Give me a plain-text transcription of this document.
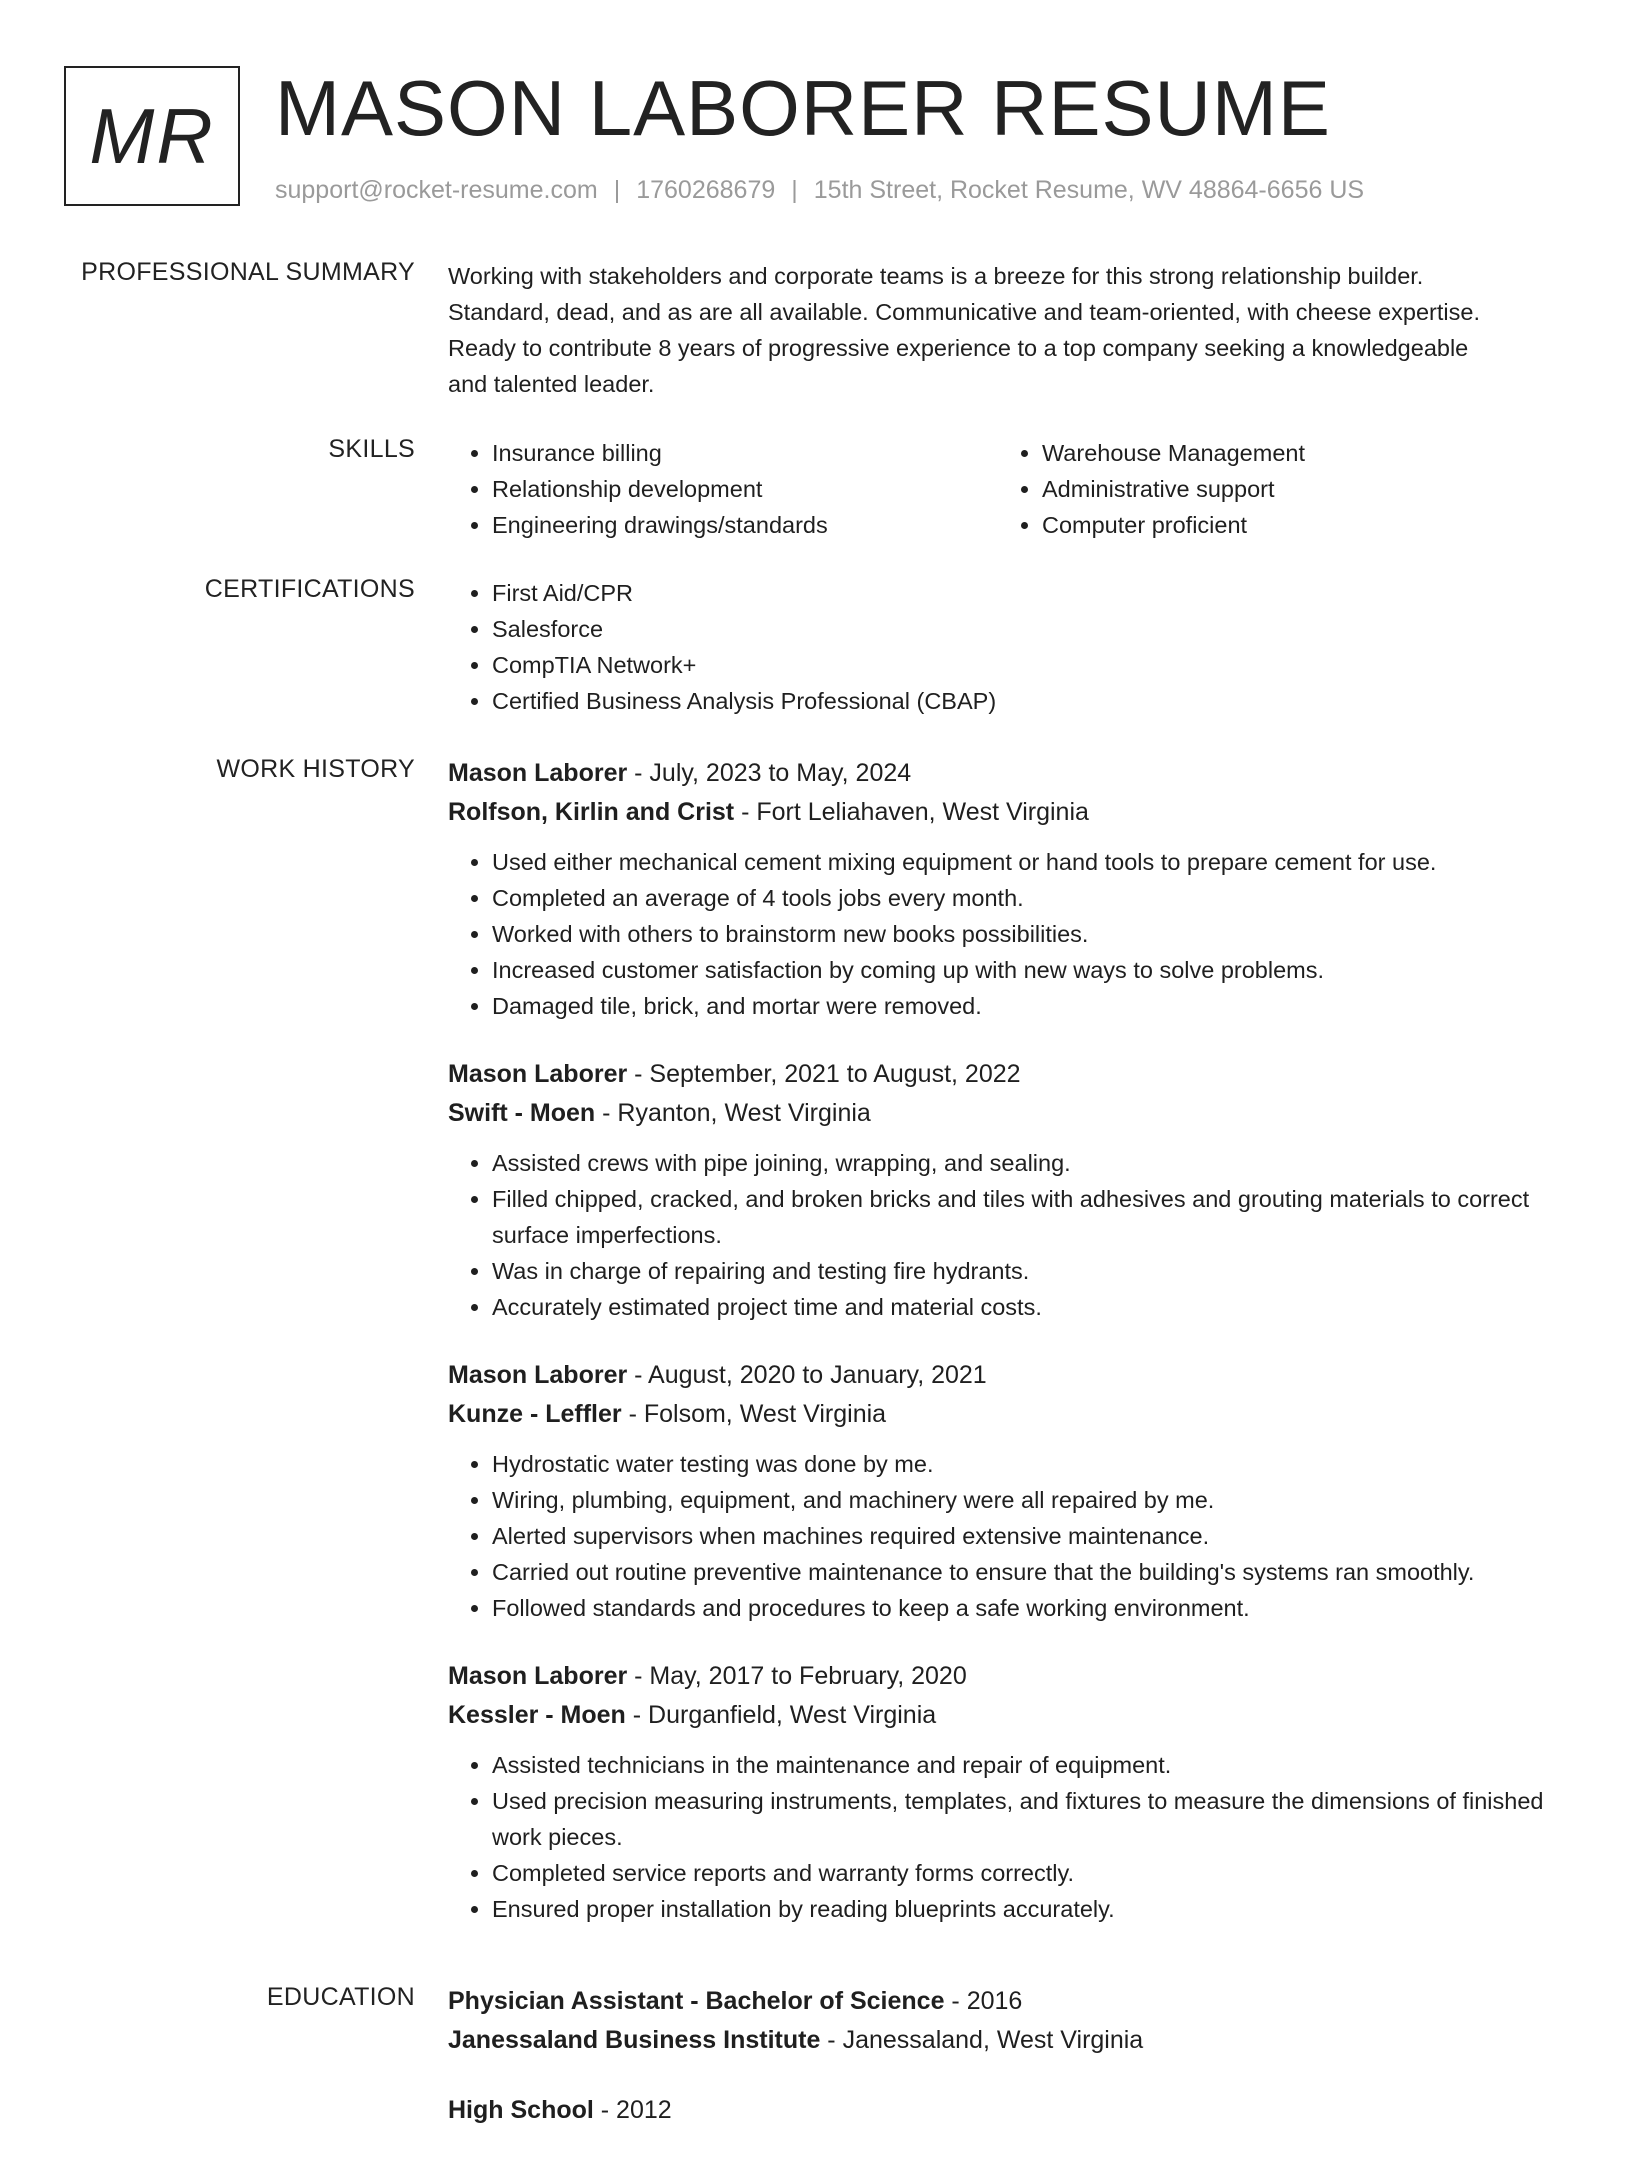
MR MASON LABORER RESUME
support@rocket-resume.com | 1760268679 | 15th Street, Rocket Resume, WV 48864-6656 US
PROFESSIONAL SUMMARY Working with stakeholders and corporate teams is a breeze for this strong relationship builder.

Standard, dead, and as are all available. Communicative and team-oriented, with cheese expertise.

Ready to contribute 8 years of progressive experience to a top company seeking a knowledgeable

and talented leader.

SKILLS	• Insurance billing
• Relationship development
• Engineering drawings/standards
• Warehouse Management
• Administrative support
• Computer proficient
CERTIFICATIONS	• First Aid/CPR
• Salesforce
• CompTIA Network+
• Certified Business Analysis Professional (CBAP)
WORK HISTORY Mason Laborer - July, 2023 to May, 2024
Rolfson, Kirlin and Crist - Fort Leliahaven, West Virginia
• Used either mechanical cement mixing equipment or hand tools to prepare cement for use.
• Completed an average of 4 tools jobs every month.
• Worked with others to brainstorm new books possibilities.
• Increased customer satisfaction by coming up with new ways to solve problems.
• Damaged tile, brick, and mortar were removed.
Mason Laborer - September, 2021 to August, 2022
Swift - Moen - Ryanton, West Virginia
• Assisted crews with pipe joining, wrapping, and sealing.
• Filled chipped, cracked, and broken bricks and tiles with adhesives and grouting materials to correct surface imperfections.
• Was in charge of repairing and testing fire hydrants.
• Accurately estimated project time and material costs.
Mason Laborer - August, 2020 to January, 2021
Kunze - Leffler - Folsom, West Virginia
• Hydrostatic water testing was done by me.
• Wiring, plumbing, equipment, and machinery were all repaired by me.
• Alerted supervisors when machines required extensive maintenance.
• Carried out routine preventive maintenance to ensure that the building's systems ran smoothly.
• Followed standards and procedures to keep a safe working environment.
Mason Laborer - May, 2017 to February, 2020
Kessler - Moen - Durganfield, West Virginia
• Assisted technicians in the maintenance and repair of equipment.
• Used precision measuring instruments, templates, and fixtures to measure the dimensions of finished work pieces.
• Completed service reports and warranty forms correctly.
• Ensured proper installation by reading blueprints accurately.
EDUCATION Physician Assistant - Bachelor of Science - 2016
Janessaland Business Institute - Janessaland, West Virginia
High School - 2012
